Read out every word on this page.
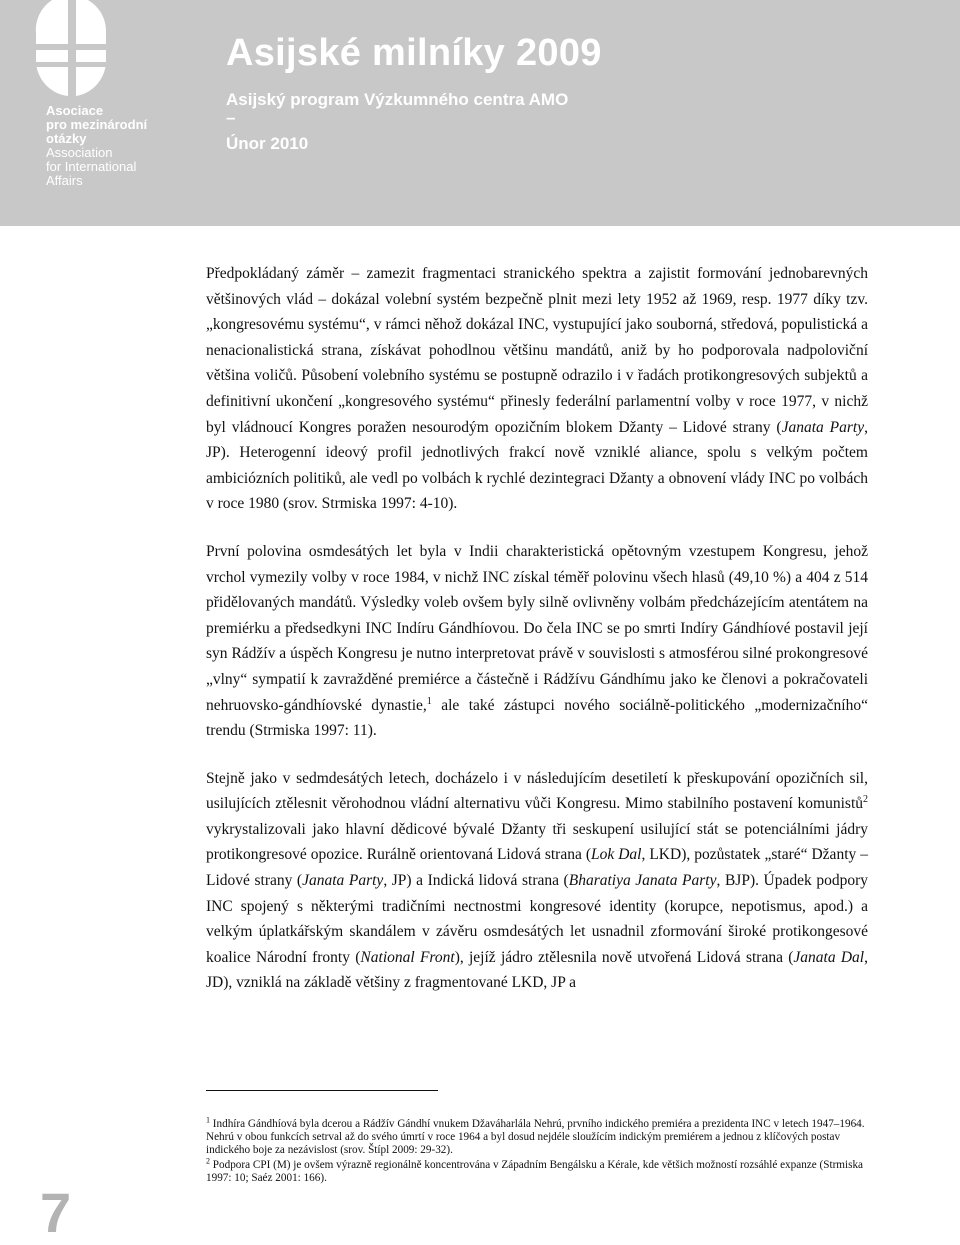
Asociace
pro mezinárodní
otázky
Association
for International
Affairs
Asijské milníky 2009
Asijský program Výzkumného centra AMO
–
Únor 2010

Předpokládaný záměr – zamezit fragmentaci stranického spektra a zajistit formování jednobarevných většinových vlád – dokázal volební systém bezpečně plnit mezi lety 1952 až 1969, resp. 1977 díky tzv. „kongresovému systému“, v rámci něhož dokázal INC, vystupující jako souborná, středová, populistická a nenacionalistická strana, získávat pohodlnou většinu mandátů, aniž by ho podporovala nadpoloviční většina voličů. Působení volebního systému se postupně odrazilo i v řadách protikongresových subjektů a definitivní ukončení „kongresového systému“ přinesly federální parlamentní volby v roce 1977, v nichž byl vládnoucí Kongres poražen nesourodým opozičním blokem Džanty – Lidové strany (Janata Party, JP). Heterogenní ideový profil jednotlivých frakcí nově vzniklé aliance, spolu s velkým počtem ambiciózních politiků, ale vedl po volbách k rychlé dezintegraci Džanty a obnovení vlády INC po volbách v roce 1980 (srov. Strmiska 1997: 4-10).

První polovina osmdesátých let byla v Indii charakteristická opětovným vzestupem Kongresu, jehož vrchol vymezily volby v roce 1984, v nichž INC získal téměř polovinu všech hlasů (49,10 %) a 404 z 514 přidělovaných mandátů. Výsledky voleb ovšem byly silně ovlivněny volbám předcházejícím atentátem na premiérku a předsedkyni INC Indíru Gándhíovou. Do čela INC se po smrti Indíry Gándhíové postavil její syn Rádžív a úspěch Kongresu je nutno interpretovat právě v souvislosti s atmosférou silné prokongresové „vlny“ sympatií k zavražděné premiérce a částečně i Rádžívu Gándhímu jako ke členovi a pokračovateli nehruovsko-gándhíovské dynastie,$^1$ ale také zástupci nového sociálně-politického „modernizačního“ trendu (Strmiska 1997: 11).

Stejně jako v sedmdesátých letech, docházelo i v následujícím desetiletí k přeskupování opozičních sil, usilujících ztělesnit věrohodnou vládní alternativu vůči Kongresu. Mimo stabilního postavení komunistů$^2$ vykrystalizovali jako hlavní dědicové bývalé Džanty tři seskupení usilující stát se potenciálními jádry protikongresové opozice. Rurálně orientovaná Lidová strana (Lok Dal, LKD), pozůstatek „staré“ Džanty – Lidové strany (Janata Party, JP) a Indická lidová strana (Bharatiya Janata Party, BJP). Úpadek podpory INC spojený s některými tradičními nectnostmi kongresové identity (korupce, nepotismus, apod.) a velkým úplatkářským skandálem v závěru osmdesátých let usnadnil zformování široké protikongesové koalice Národní fronty (National Front), jejíž jádro ztělesnila nově utvořená Lidová strana (Janata Dal, JD), vzniklá na základě většiny z fragmentované LKD, JP a

$^1$ Indhíra Gándhíová byla dcerou a Rádžív Gándhí vnukem Džaváharlála Nehrú, prvního indického premiéra a prezidenta INC v letech 1947–1964. Nehrú v obou funkcích setrval až do svého úmrtí v roce 1964 a byl dosud nejdéle sloužícím indickým premiérem a jednou z klíčových postav indického boje za nezávislost (srov. Štípl 2009: 29-32).

$^2$ Podpora CPI (M) je ovšem výrazně regionálně koncentrována v Západním Bengálsku a Kérale, kde většich možností rozsáhlé expanze (Strmiska 1997: 10; Saéz 2001: 166).

7
